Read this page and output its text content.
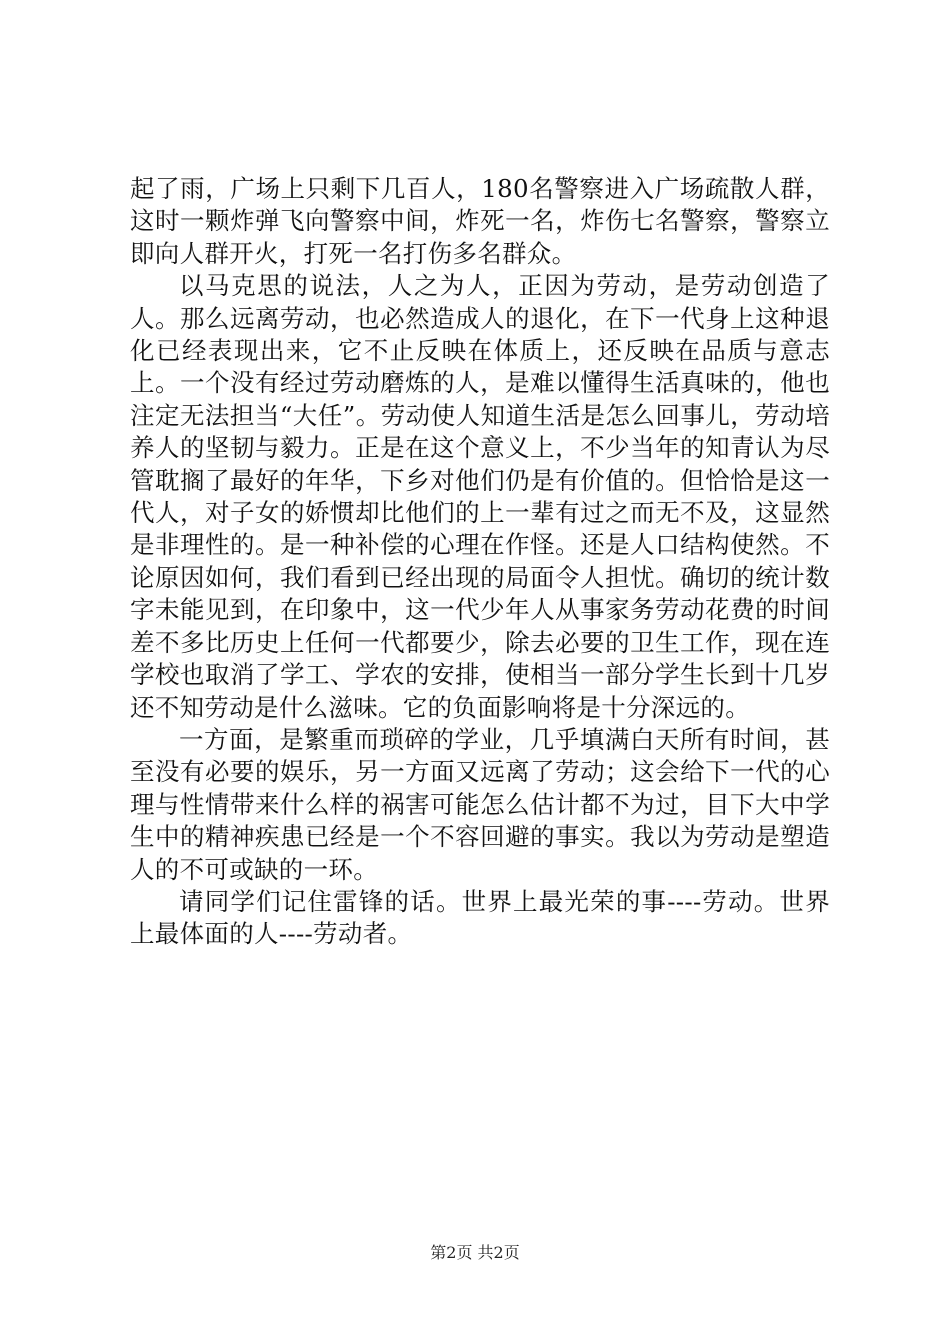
起了雨，广场上只剩下几百人，180名警察进入广场疏散人群，这时一颗炸弹飞向警察中间，炸死一名，炸伤七名警察，警察立即向人群开火，打死一名打伤多名群众。

以马克思的说法，人之为人，正因为劳动，是劳动创造了人。那么远离劳动，也必然造成人的退化，在下一代身上这种退化已经表现出来，它不止反映在体质上，还反映在品质与意志上。一个没有经过劳动磨炼的人，是难以懂得生活真味的，他也注定无法担当“大任”。劳动使人知道生活是怎么回事儿，劳动培养人的坚韧与毅力。正是在这个意义上，不少当年的知青认为尽管耽搁了最好的年华，下乡对他们仍是有价值的。但恰恰是这一代人，对子女的娇惯却比他们的上一辈有过之而无不及，这显然是非理性的。是一种补偿的心理在作怪。还是人口结构使然。不论原因如何，我们看到已经出现的局面令人担忧。确切的统计数字未能见到，在印象中，这一代少年人从事家务劳动花费的时间差不多比历史上任何一代都要少，除去必要的卫生工作，现在连学校也取消了学工、学农的安排，使相当一部分学生长到十几岁还不知劳动是什么滋味。它的负面影响将是十分深远的。

一方面，是繁重而琐碎的学业，几乎填满白天所有时间，甚至没有必要的娱乐，另一方面又远离了劳动；这会给下一代的心理与性情带来什么样的祸害可能怎么估计都不为过，目下大中学生中的精神疾患已经是一个不容回避的事实。我以为劳动是塑造人的不可或缺的一环。

请同学们记住雷锋的话。世界上最光荣的事----劳动。世界上最体面的人----劳动者。

第2页 共2页
